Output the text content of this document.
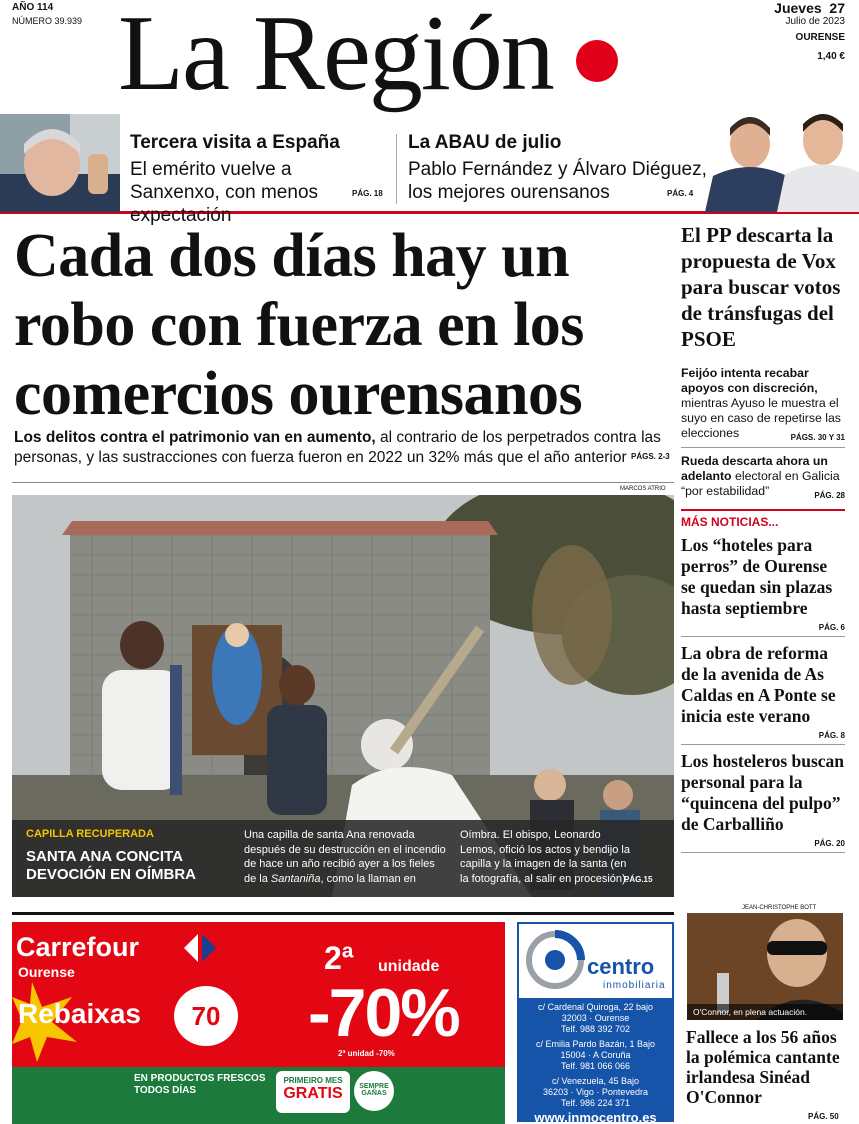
AÑO 114
NÚMERO 39.939 La Región	Jueves 27
Julio de 2023
OURENSE
1,40 €
Tercera visita a España
El emérito vuelve a Sanxenxo, con menos expectación
PÁG. 18
La ABAU de julio
Pablo Fernández y Álvaro Diéguez, los mejores ourensanos	PÁG. 4
Cada dos días hay un robo con fuerza en los comercios ourensanos
Los delitos contra el patrimonio van en aumento, al contrario de los perpetrados contra las personas, y las sustracciones con fuerza fueron en 2022 un 32% más que el año anterior PÁGS. 2-3
MARCOS ATRIO
CAPILLA RECUPERADA
SANTA ANA CONCITA DEVOCIÓN EN OÍMBRA
Una capilla de santa Ana renovada después de su destrucción en el incendio de hace un año recibió ayer a los fieles de la Santaniña, como la llaman en
Oímbra. El obispo, Leonardo Lemos, ofició los actos y bendijo la capilla y la imagen de la santa (en la fotografía, al salir en procesión).
PÁG.15
El PP descarta la propuesta de Vox para buscar votos de tránsfugas del PSOE
Feijóo intenta recabar apoyos con discreción, mientras Ayuso le muestra el suyo en caso de repetirse las elecciones	PÁGS. 30 Y 31
Rueda descarta ahora un adelanto electoral en Galicia “por estabilidad”	PÁG. 28
MÁS NOTICIAS...
Los “hoteles para perros” de Ourense se quedan sin plazas hasta septiembre
PÁG. 6
La obra de reforma de la avenida de As Caldas en A Ponte se inicia este verano
PÁG. 8
Los hosteleros buscan personal para la “quincena del pulpo” de Carballiño
PÁG. 20
JEAN-CHRISTOPHE BOTT
O'Connor, en plena actuación.
Fallece a los 56 años la polémica cantante irlandesa Sinéad O'Connor
PÁG. 50
Carrefour
Ourense
Rebaixas	70
2ª unidade
-70%
2ª unidad -70%
EN PRODUCTOS FRESCOS TODOS DÍAS
PRIMEIRO MES
GRATIS	SEMPRE GAÑAS
centro
inmobiliaria
c/ Cardenal Quiroga, 22 bajo
32003 · Ourense
Telf. 988 392 702
c/ Emilia Pardo Bazán, 1 Bajo
15004 · A Coruña
Telf. 981 066 066
c/ Venezuela, 45 Bajo
36203 · Vigo · Pontevedra
Telf. 986 224 371
www.inmocentro.es
